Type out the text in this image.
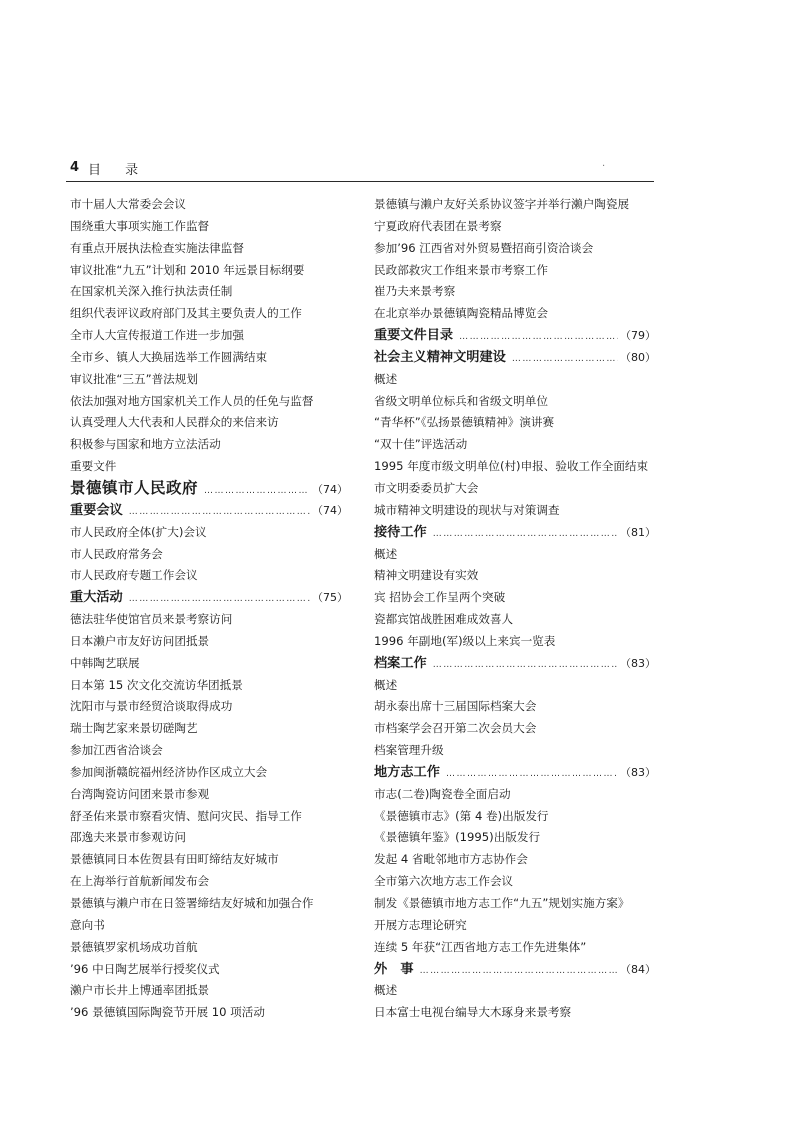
4 目 录	.
市十届人大常委会会议
围绕重大事项实施工作监督
有重点开展执法检查实施法律监督
审议批准“九五”计划和 2010 年远景目标纲要
在国家机关深入推行执法责任制
组织代表评议政府部门及其主要负责人的工作
全市人大宣传报道工作进一步加强
全市乡、镇人大换届选举工作圆满结束
审议批准“三五”普法规划
依法加强对地方国家机关工作人员的任免与监督
认真受理人大代表和人民群众的来信来访
积极参与国家和地方立法活动
重要文件
景德镇市人民政府 ………………………………………………………………………………………………………………	（74）
重要会议 ………………………………………………………………………………………………………………	（74）
市人民政府全体(扩大)会议
市人民政府常务会
市人民政府专题工作会议
重大活动 ………………………………………………………………………………………………………………	（75）
德法驻华使馆官员来景考察访问
日本濑户市友好访问团抵景
中韩陶艺联展
日本第 15 次文化交流访华团抵景
沈阳市与景市经贸洽谈取得成功
瑞士陶艺家来景切磋陶艺
参加江西省洽谈会
参加闽浙赣皖福州经济协作区成立大会
台湾陶瓷访问团来景市参观
舒圣佑来景市察看灾情、慰问灾民、指导工作
邵逸夫来景市参观访问
景德镇同日本佐贺县有田町缔结友好城市
在上海举行首航新闻发布会
景德镇与濑户市在日签署缔结友好城和加强合作
意向书
景德镇罗家机场成功首航
’96 中日陶艺展举行授奖仪式
濑户市长井上博通率团抵景
’96 景德镇国际陶瓷节开展 10 项活动
景德镇与濑户友好关系协议签字并举行濑户陶瓷展
宁夏政府代表团在景考察
参加’96 江西省对外贸易暨招商引资洽谈会
民政部救灾工作组来景市考察工作
崔乃夫来景考察
在北京举办景德镇陶瓷精品博览会
重要文件目录 ………………………………………………………………………………………………………………	（79）
社会主义精神文明建设 ………………………………………………………………………………………………………………	（80）
概述
省级文明单位标兵和省级文明单位
“青华杯”《弘扬景德镇精神》演讲赛
“双十佳”评选活动
1995 年度市级文明单位(村)申报、验收工作全面结束
市文明委委员扩大会
城市精神文明建设的现状与对策调查
接待工作 ………………………………………………………………………………………………………………	（81）
概述
精神文明建设有实效
宾 招协会工作呈两个突破
瓷都宾馆战胜困难成效喜人
1996 年副地(军)级以上来宾一览表
档案工作 ………………………………………………………………………………………………………………	（83）
概述
胡永泰出席十三届国际档案大会
市档案学会召开第二次会员大会
档案管理升级
地方志工作 ………………………………………………………………………………………………………………	（83）
市志(二卷)陶瓷卷全面启动
《景德镇市志》(第 4 卷)出版发行
《景德镇年鉴》(1995)出版发行
发起 4 省毗邻地市方志协作会
全市第六次地方志工作会议
制发《景德镇市地方志工作“九五”规划实施方案》
开展方志理论研究
连续 5 年获“江西省地方志工作先进集体”
外　事 ………………………………………………………………………………………………………………	（84）
概述
日本富士电视台编导大木琢身来景考察
